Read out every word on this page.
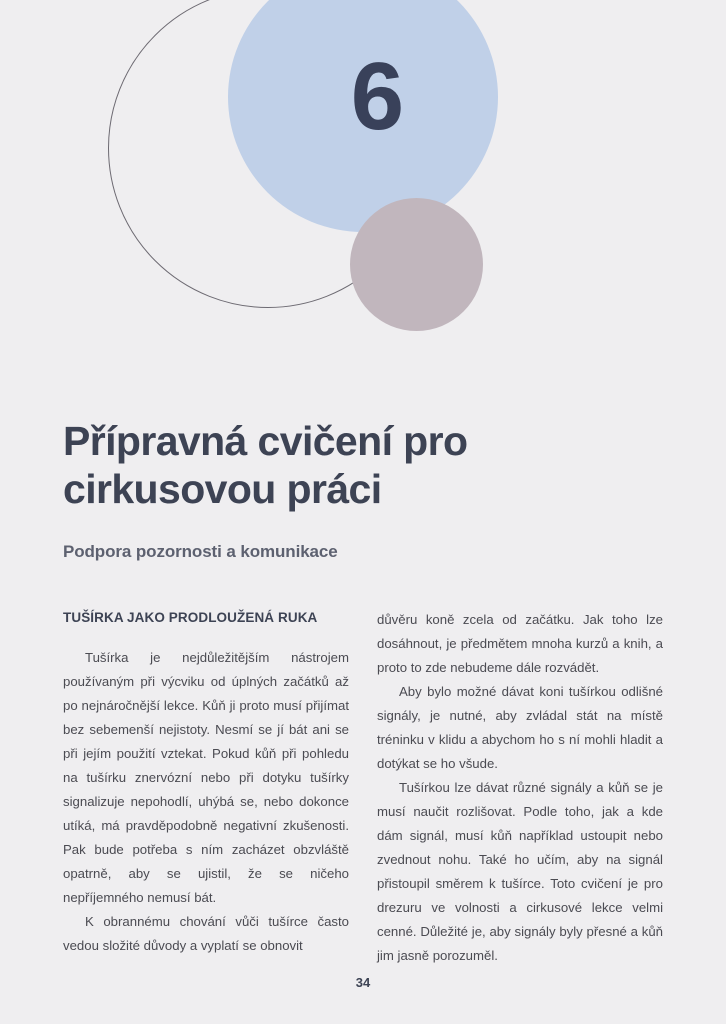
6
Přípravná cvičení pro cirkusovou práci

Podpora pozornosti a komunikace

TUŠÍRKA JAKO PRODLOUŽENÁ RUKA

Tušírka je nejdůležitějším nástrojem používaným při výcviku od úplných začátků až po nejnáročnější lekce. Kůň ji proto musí přijímat bez sebemenší nejistoty. Nesmí se jí bát ani se při jejím použití vztekat. Pokud kůň při pohledu na tušírku znervózní nebo při dotyku tušírky signalizuje nepohodlí, uhýbá se, nebo dokonce utíká, má pravděpodobně negativní zkušenosti. Pak bude potřeba s ním zacházet obzvláště opatrně, aby se ujistil, že se ničeho nepříjemného nemusí bát.

K obrannému chování vůči tušírce často vedou složité důvody a vyplatí se obnovit

důvěru koně zcela od začátku. Jak toho lze dosáhnout, je předmětem mnoha kurzů a knih, a proto to zde nebudeme dále rozvádět.

Aby bylo možné dávat koni tušírkou odlišné signály, je nutné, aby zvládal stát na místě tréninku v klidu a abychom ho s ní mohli hladit a dotýkat se ho všude.

Tušírkou lze dávat různé signály a kůň se je musí naučit rozlišovat. Podle toho, jak a kde dám signál, musí kůň například ustoupit nebo zvednout nohu. Také ho učím, aby na signál přistoupil směrem k tušírce. Toto cvičení je pro drezuru ve volnosti a cirkusové lekce velmi cenné. Důležité je, aby signály byly přesné a kůň jim jasně porozuměl.

34
